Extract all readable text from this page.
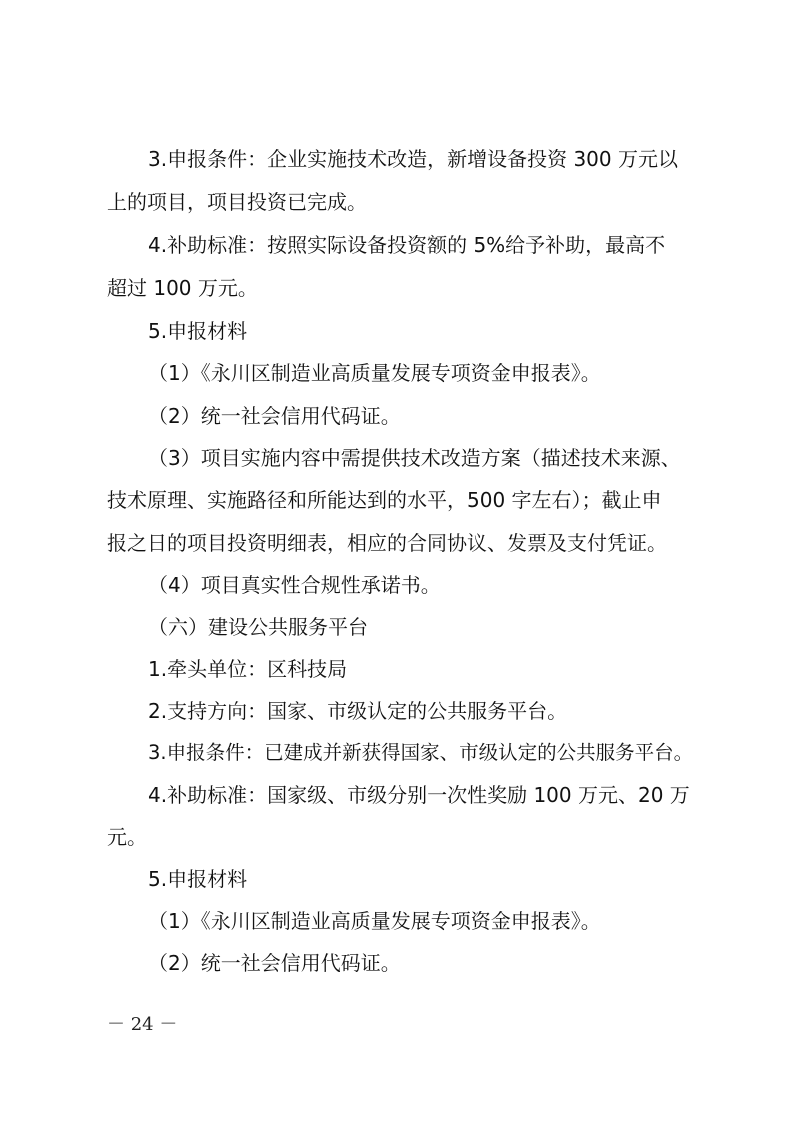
3.申报条件：企业实施技术改造，新增设备投资 300 万元以
上的项目，项目投资已完成。
4.补助标准：按照实际设备投资额的 5%给予补助，最高不
超过 100 万元。
5.申报材料
（1）《永川区制造业高质量发展专项资金申报表》。
（2）统一社会信用代码证。
（3）项目实施内容中需提供技术改造方案（描述技术来源、
技术原理、实施路径和所能达到的水平，500 字左右）；截止申
报之日的项目投资明细表，相应的合同协议、发票及支付凭证。
（4）项目真实性合规性承诺书。
（六）建设公共服务平台
1.牵头单位：区科技局
2.支持方向：国家、市级认定的公共服务平台。
3.申报条件：已建成并新获得国家、市级认定的公共服务平台。
4.补助标准：国家级、市级分别一次性奖励 100 万元、20 万
元。
5.申报材料
（1）《永川区制造业高质量发展专项资金申报表》。
（2）统一社会信用代码证。
－ 24 －
